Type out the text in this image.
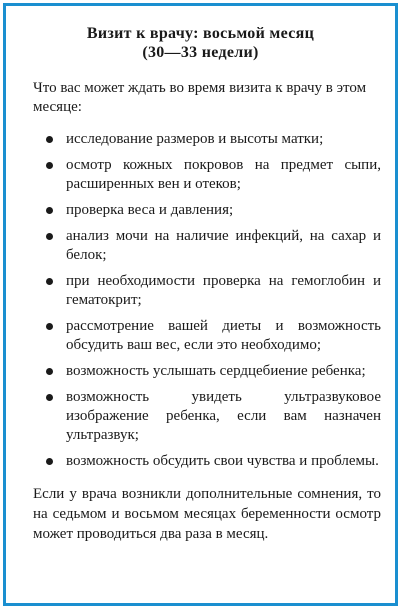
Визит к врачу: восьмой месяц
(30—33 недели)
Что вас может ждать во время визита к врачу в этом месяце:
исследование размеров и высоты матки;
осмотр кожных покровов на предмет сыпи, расширенных вен и отеков;
проверка веса и давления;
анализ мочи на наличие инфекций, на сахар и белок;
при необходимости проверка на гемоглобин и гематокрит;
рассмотрение вашей диеты и возможность обсудить ваш вес, если это необходимо;
возможность услышать сердцебиение ребенка;
возможность увидеть ультразвуковое изображение ребенка, если вам назначен ультразвук;
возможность обсудить свои чувства и проблемы.
Если у врача возникли дополнительные сомнения, то на седьмом и восьмом месяцах беременности осмотр может проводиться два раза в месяц.
